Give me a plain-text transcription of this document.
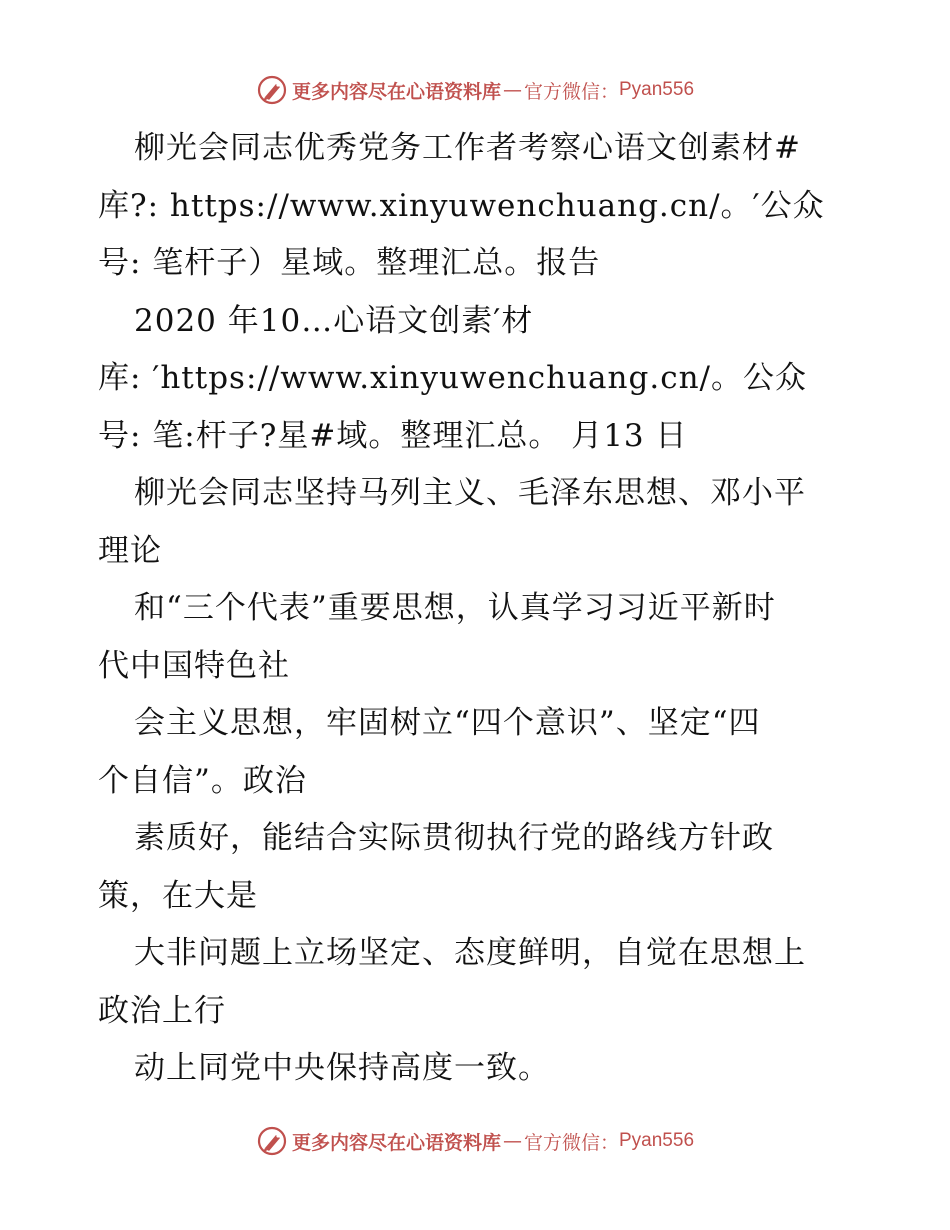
更多内容尽在心语资料库 — 官方微信： Pyan556
柳光会同志优秀党务工作者考察心语文创素材#
库?: https://www.xinyuwenchuang.cn/。′公众
号: 笔杆子）星域。整理汇总。报告
2020 年10…心语文创素′材
库: ′https://www.xinyuwenchuang.cn/。公众
号: 笔:杆子?星#域。整理汇总。 月13 日
柳光会同志坚持马列主义、毛泽东思想、邓小平
理论
和“三个代表”重要思想，认真学习习近平新时
代中国特色社
会主义思想，牢固树立“四个意识”、坚定“四
个自信”。政治
素质好，能结合实际贯彻执行党的路线方针政
策，在大是
大非问题上立场坚定、态度鲜明，自觉在思想上
政治上行
动上同党中央保持高度一致。
更多内容尽在心语资料库 — 官方微信： Pyan556
